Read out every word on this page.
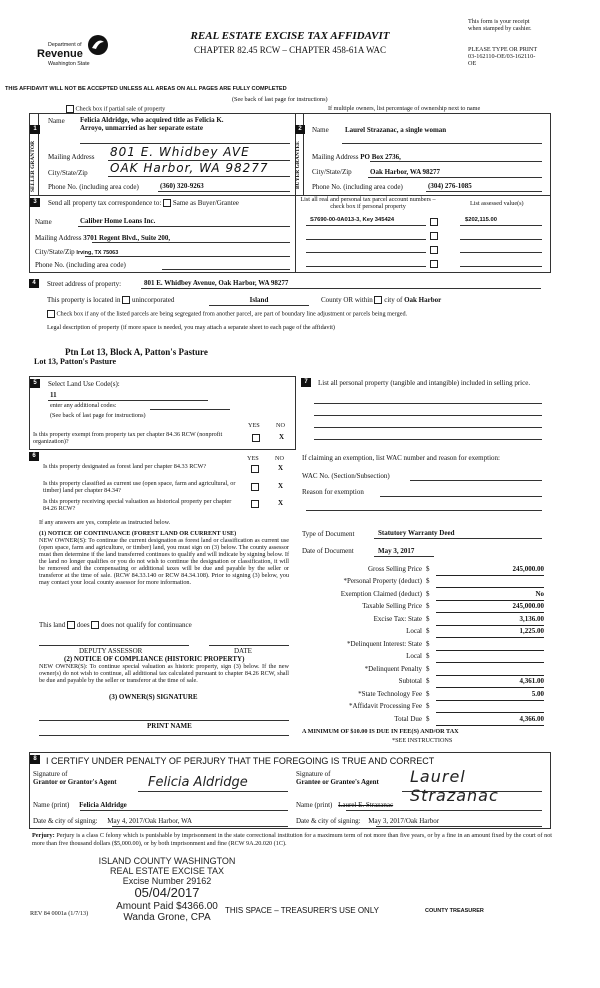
Department of
Revenue
Washington State
REAL ESTATE EXCISE TAX AFFIDAVIT
CHAPTER 82.45 RCW – CHAPTER 458-61A WAC
This form is your receipt
when stamped by cashier.
PLEASE TYPE OR PRINT
03-162110-OE/03-162110-
OE
THIS AFFIDAVIT WILL NOT BE ACCEPTED UNLESS ALL AREAS ON ALL PAGES ARE FULLY COMPLETED
(See back of last page for instructions)
Check box if partial sale of property	If multiple owners, list percentage of ownership next to name
1
SELLER GRANTOR
Name Felicia Aldridge, who acquired title as Felicia K.
Arroyo, unmarried as her separate estate
Mailing Address 801 E. Whidbey AVE
City/State/Zip OAK Harbor, WA 98277
Phone No. (including area code)	(360) 320-9263
2
BUYER GRANTEE
Name Laurel Strazanac, a single woman
Mailing Address PO Box 2736,
City/State/Zip	Oak Harbor, WA 98277
Phone No. (including area code)	(304) 276-1085
3	Send all property tax correspondence to: Same as Buyer/Grantee
Name	Caliber Home Loans Inc.
Mailing Address 3701 Regent Blvd., Suite 200,
City/State/Zip Irving, TX 75063
Phone No. (including area code)
List all real and personal tax parcel account numbers – check box if personal property	List assessed value(s)
S7690-00-0A013-3, Key 345424	$202,115.00
4	Street address of property:	801 E. Whidbey Avenue, Oak Harbor, WA 98277
This property is located in unincorporated	Island	County OR within city of Oak Harbor
Check box if any of the listed parcels are being segregated from another parcel, are part of boundary line adjustment or parcels being merged.
Legal description of property (if more space is needed, you may attach a separate sheet to each page of the affidavit)
Ptn Lot 13, Block A, Patton's Pasture
Lot 13, Patton's Pasture
5	Select Land Use Code(s):
11
enter any additional codes:
(See back of last page for instructions)
YES	NO
Is this property exempt from property tax per chapter 84.36 RCW (nonprofit organization)?
X
6	YES	NO
Is this property designated as forest land per chapter 84.33 RCW?	X
Is this property classified as current use (open space, farm and agricultural, or timber) land per chapter 84.34?
X
Is this property receiving special valuation as historical property per chapter 84.26 RCW?
X
If any answers are yes, complete as instructed below.
(1) NOTICE OF CONTINUANCE (FOREST LAND OR CURRENT USE)
NEW OWNER(S): To continue the current designation as forest land or classification as current use (open space, farm and agriculture, or timber) land, you must sign on (3) below. The county assessor must then determine if the land transferred continues to qualify and will indicate by signing below. If the land no longer qualifies or you do not wish to continue the designation or classification, it will be removed and the compensating or additional taxes will be due and payable by the seller or transferor at the time of sale. (RCW 84.33.140 or RCW 84.34.108). Prior to signing (3) below, you may contact your local county assessor for more information.
This land does does not qualify for continuance
DEPUTY ASSESSOR	DATE
(2) NOTICE OF COMPLIANCE (HISTORIC PROPERTY)
NEW OWNER(S): To continue special valuation as historic property, sign (3) below. If the new owner(s) do not wish to continue, all additional tax calculated pursuant to chapter 84.26 RCW, shall be due and payable by the seller or transferor at the time of sale.
(3) OWNER(S) SIGNATURE
PRINT NAME
7	List all personal property (tangible and intangible) included in selling price.
If claiming an exemption, list WAC number and reason for exemption:
WAC No. (Section/Subsection)
Reason for exemption
Type of Document	Statutory Warranty Deed
Date of Document	May 3, 2017
Gross Selling Price	$	245,000.00
*Personal Property (deduct)	$	
Exemption Claimed (deduct)	$	No
Taxable Selling Price	$	245,000.00
Excise Tax: State	$	3,136.00
Local	$	1,225.00
*Delinquent Interest: State	$	
Local	$	
*Delinquent Penalty	$	
Subtotal	$	4,361.00
*State Technology Fee	$	5.00
*Affidavit Processing Fee	$	
Total Due	$	4,366.00
A MINIMUM OF $10.00 IS DUE IN FEE(S) AND/OR TAX
*SEE INSTRUCTIONS
8	I CERTIFY UNDER PENALTY OF PERJURY THAT THE FOREGOING IS TRUE AND CORRECT
Signature of
Grantor or Grantor's Agent Felicia Aldridge
Signature of
Grantee or Grantee's Agent Laurel Strazanac
Name (print) Felicia Aldridge	Name (print) Laurel E. Strazanac
Date & city of signing: May 4, 2017/Oak Harbor, WA	Date & city of signing: May 3, 2017/Oak Harbor
Perjury: Perjury is a class C felony which is punishable by imprisonment in the state correctional institution for a maximum term of not more than five years, or by a fine in an amount fixed by the court of not more than five thousand dollars ($5,000.00), or by both imprisonment and fine (RCW 9A.20.020 (1C).
ISLAND COUNTY WASHINGTON
REAL ESTATE EXCISE TAX
Excise Number 29162
05/04/2017
Amount Paid $4366.00
Wanda Grone, CPA
REV 84 0001a (1/7/13)	THIS SPACE – TREASURER'S USE ONLY	COUNTY TREASURER
